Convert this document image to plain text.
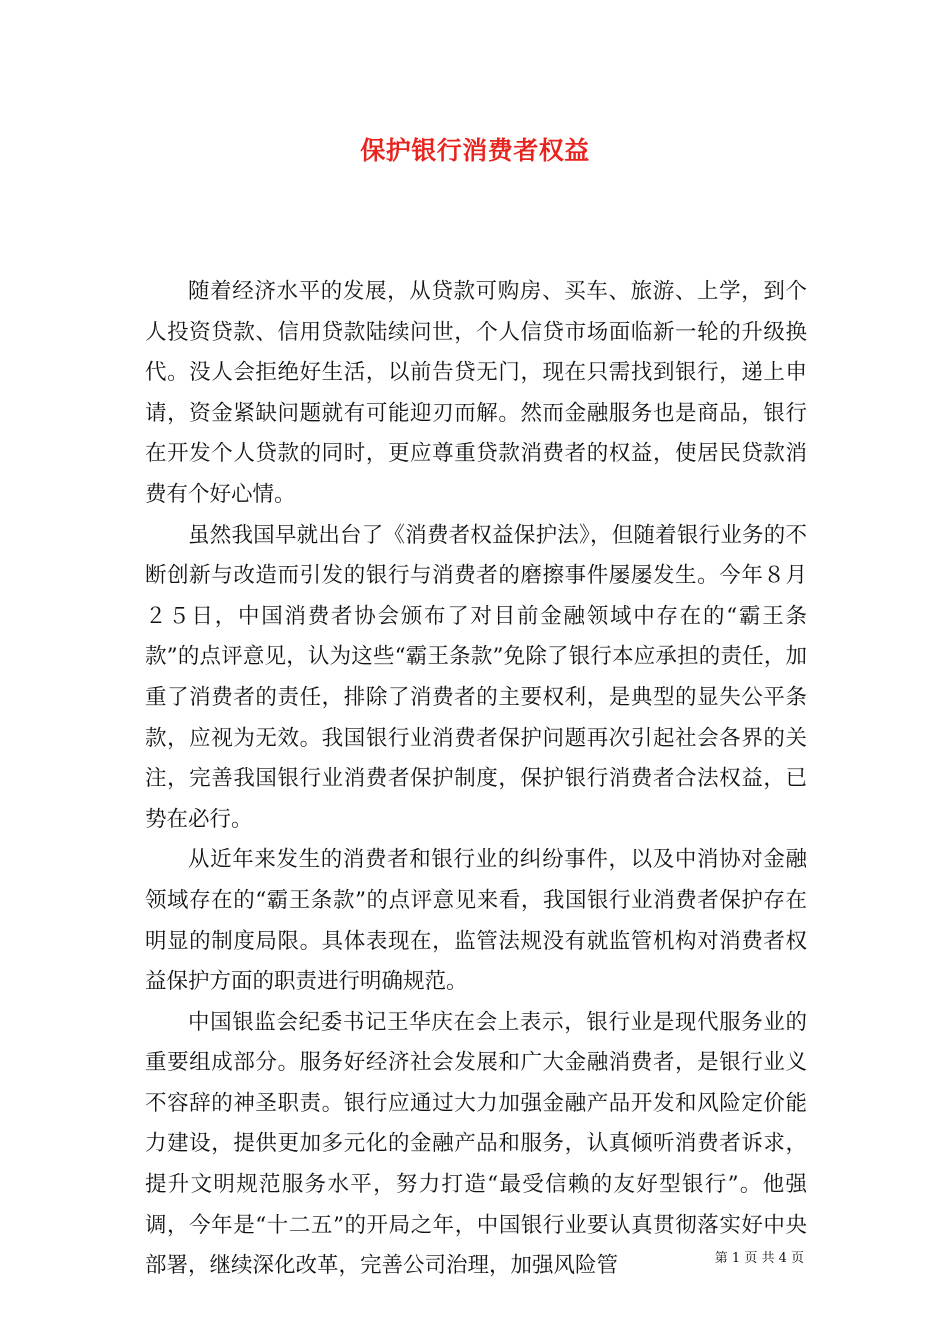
保护银行消费者权益

随着经济水平的发展，从贷款可购房、买车、旅游、上学，到个人投资贷款、信用贷款陆续问世，个人信贷市场面临新一轮的升级换代。没人会拒绝好生活，以前告贷无门，现在只需找到银行，递上申请，资金紧缺问题就有可能迎刃而解。然而金融服务也是商品，银行在开发个人贷款的同时，更应尊重贷款消费者的权益，使居民贷款消费有个好心情。

虽然我国早就出台了《消费者权益保护法》，但随着银行业务的不断创新与改造而引发的银行与消费者的磨擦事件屡屡发生。今年８月２５日，中国消费者协会颁布了对目前金融领域中存在的“霸王条款”的点评意见，认为这些“霸王条款”免除了银行本应承担的责任，加重了消费者的责任，排除了消费者的主要权利，是典型的显失公平条款，应视为无效。我国银行业消费者保护问题再次引起社会各界的关注，完善我国银行业消费者保护制度，保护银行消费者合法权益，已势在必行。

从近年来发生的消费者和银行业的纠纷事件，以及中消协对金融领域存在的“霸王条款”的点评意见来看，我国银行业消费者保护存在明显的制度局限。具体表现在，监管法规没有就监管机构对消费者权益保护方面的职责进行明确规范。

中国银监会纪委书记王华庆在会上表示，银行业是现代服务业的重要组成部分。服务好经济社会发展和广大金融消费者，是银行业义不容辞的神圣职责。银行应通过大力加强金融产品开发和风险定价能力建设，提供更加多元化的金融产品和服务，认真倾听消费者诉求，提升文明规范服务水平，努力打造“最受信赖的友好型银行”。他强调，今年是“十二五”的开局之年，中国银行业要认真贯彻落实好中央部署，继续深化改革，完善公司治理，加强风险管	第 1 页 共 4 页
